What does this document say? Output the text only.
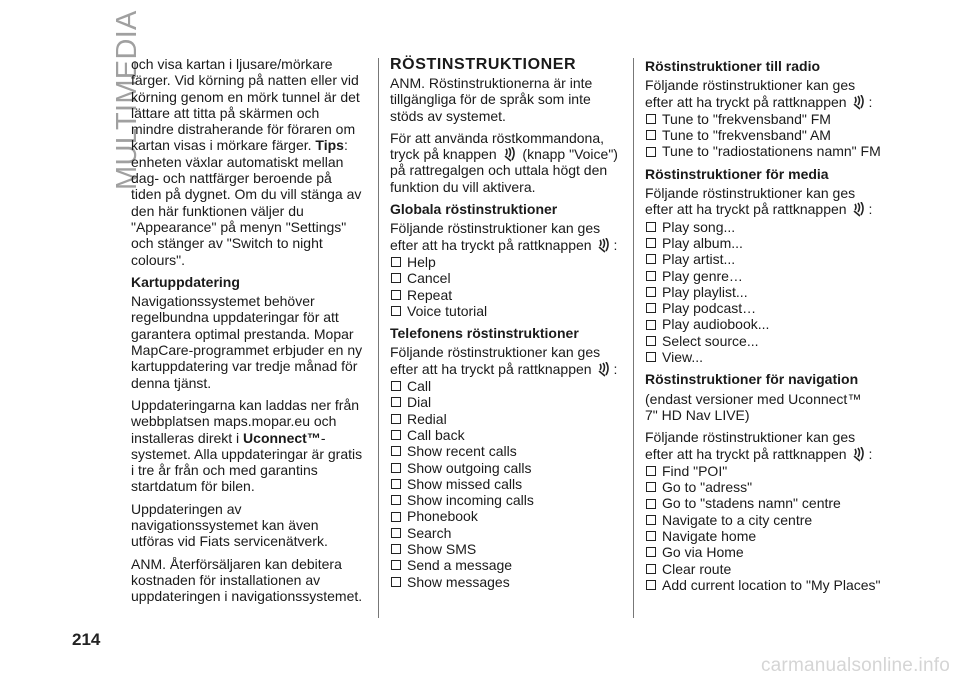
MULTIMEDIA

och visa kartan i ljusare/mörkare färger. Vid körning på natten eller vid körning genom en mörk tunnel är det lättare att titta på skärmen och mindre distraherande för föraren om kartan visas i mörkare färger. Tips: enheten växlar automatiskt mellan dag- och nattfärger beroende på tiden på dygnet. Om du vill stänga av den här funktionen väljer du "Appearance" på menyn "Settings" och stänger av "Switch to night colours".

Kartuppdatering

Navigationssystemet behöver regelbundna uppdateringar för att garantera optimal prestanda. Mopar MapCare-programmet erbjuder en ny kartuppdatering var tredje månad för denna tjänst.

Uppdateringarna kan laddas ner från webbplatsen maps.mopar.eu och installeras direkt i Uconnect™-systemet. Alla uppdateringar är gratis i tre år från och med garantins startdatum för bilen.

Uppdateringen av navigationssystemet kan även utföras vid Fiats servicenätverk.

ANM. Återförsäljaren kan debitera kostnaden för installationen av uppdateringen i navigationssystemet.

RÖSTINSTRUKTIONER

ANM. Röstinstruktionerna är inte tillgängliga för de språk som inte stöds av systemet.

För att använda röstkommandona, tryck på knappen (knapp "Voice") på rattregalgen och uttala högt den funktion du vill aktivera.

Globala röstinstruktioner

Följande röstinstruktioner kan ges efter att ha tryckt på rattknappen :

Help
Cancel
Repeat
Voice tutorial
Telefonens röstinstruktioner

Följande röstinstruktioner kan ges efter att ha tryckt på rattknappen :

Call
Dial
Redial
Call back
Show recent calls
Show outgoing calls
Show missed calls
Show incoming calls
Phonebook
Search
Show SMS
Send a message
Show messages
Röstinstruktioner till radio

Följande röstinstruktioner kan ges efter att ha tryckt på rattknappen :

Tune to "frekvensband" FM
Tune to "frekvensband" AM
Tune to "radiostationens namn" FM
Röstinstruktioner för media

Följande röstinstruktioner kan ges efter att ha tryckt på rattknappen :

Play song...
Play album...
Play artist...
Play genre…
Play playlist...
Play podcast…
Play audiobook...
Select source...
View...
Röstinstruktioner för navigation

(endast versioner med Uconnect™ 7" HD Nav LIVE)

Följande röstinstruktioner kan ges efter att ha tryckt på rattknappen :

Find "POI"
Go to "adress"
Go to "stadens namn" centre
Navigate to a city centre
Navigate home
Go via Home
Clear route
Add current location to "My Places"
214
carmanualsonline.info
